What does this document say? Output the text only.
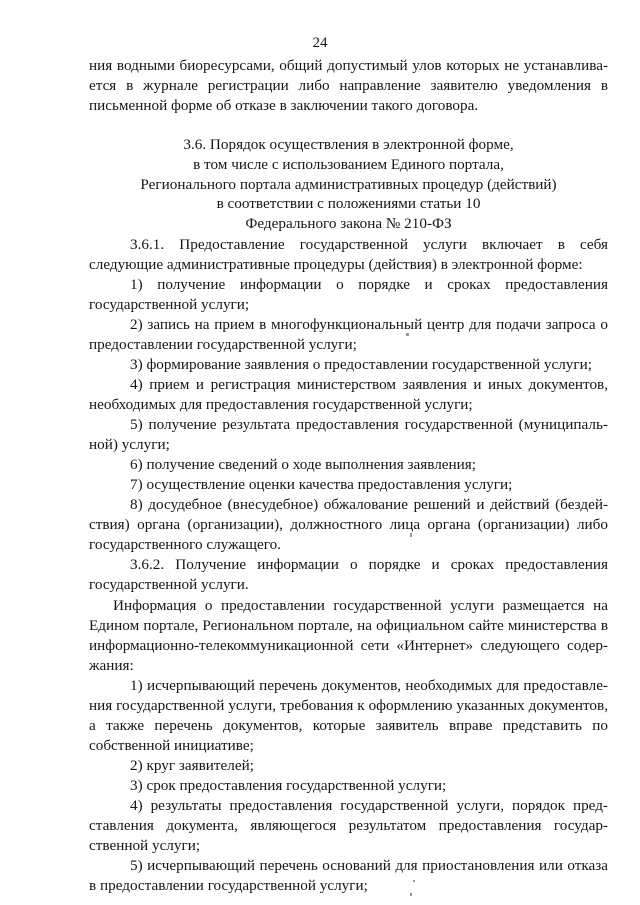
24
ния водными биоресурсами, общий допустимый улов которых не устанавлива-
ется в журнале регистрации либо направление заявителю уведомления в
письменной форме об отказе в заключении такого договора.
3.6. Порядок осуществления в электронной форме,
в том числе с использованием Единого портала,
Регионального портала административных процедур (действий)
в соответствии с положениями статьи 10
Федерального закона № 210-ФЗ
3.6.1. Предоставление государственной услуги включает в себя
следующие административные процедуры (действия) в электронной форме:
1) получение информации о порядке и сроках предоставления
государственной услуги;
2) запись на прием в многофункциональный центр для подачи запроса о
предоставлении государственной услуги;
3) формирование заявления о предоставлении государственной услуги;
4) прием и регистрация министерством заявления и иных документов,
необходимых для предоставления государственной услуги;
5) получение результата предоставления государственной (муниципаль-
ной) услуги;
6) получение сведений о ходе выполнения заявления;
7) осуществление оценки качества предоставления услуги;
8) досудебное (внесудебное) обжалование решений и действий (бездей-
ствия) органа (организации), должностного лица органа (организации) либо
государственного служащего.
3.6.2. Получение информации о порядке и сроках предоставления
государственной услуги.
Информация о предоставлении государственной услуги размещается на
Едином портале, Региональном портале, на официальном сайте министерства в
информационно-телекоммуникационной сети «Интернет» следующего содер-
жания:
1) исчерпывающий перечень документов, необходимых для предоставле-
ния государственной услуги, требования к оформлению указанных документов,
а также перечень документов, которые заявитель вправе представить по
собственной инициативе;
2) круг заявителей;
3) срок предоставления государственной услуги;
4) результаты предоставления государственной услуги, порядок пред-
ставления документа, являющегося результатом предоставления государ-
ственной услуги;
5) исчерпывающий перечень оснований для приостановления или отказа
в предоставлении государственной услуги;
